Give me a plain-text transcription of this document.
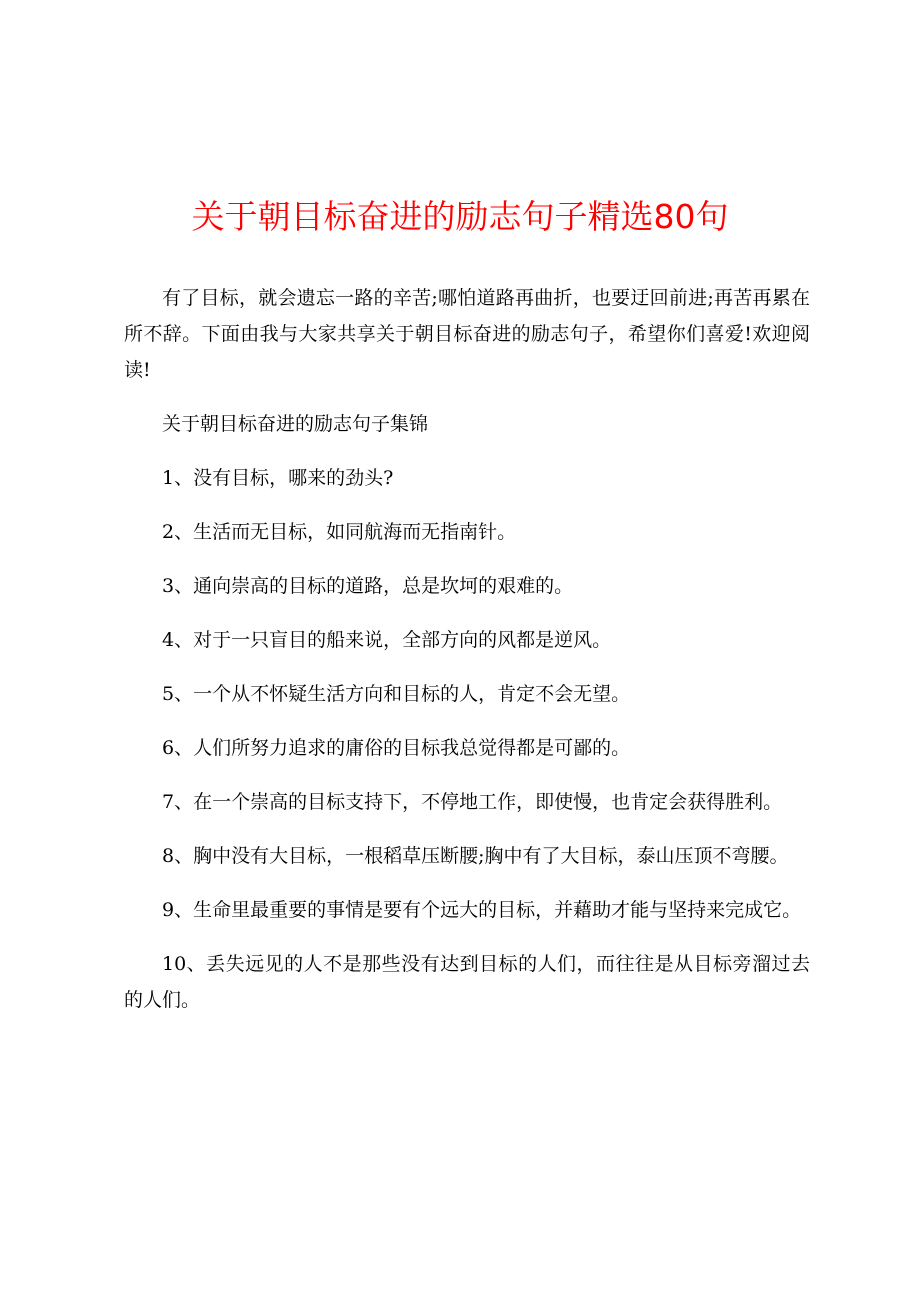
关于朝目标奋进的励志句子精选80句

有了目标，就会遗忘一路的辛苦;哪怕道路再曲折，也要迂回前进;再苦再累在所不辞。下面由我与大家共享关于朝目标奋进的励志句子，希望你们喜爱!欢迎阅读!

关于朝目标奋进的励志句子集锦

1、没有目标，哪来的劲头?

2、生活而无目标，如同航海而无指南针。

3、通向崇高的目标的道路，总是坎坷的艰难的。

4、对于一只盲目的船来说，全部方向的风都是逆风。

5、一个从不怀疑生活方向和目标的人，肯定不会无望。

6、人们所努力追求的庸俗的目标我总觉得都是可鄙的。

7、在一个崇高的目标支持下，不停地工作，即使慢，也肯定会获得胜利。

8、胸中没有大目标，一根稻草压断腰;胸中有了大目标，泰山压顶不弯腰。

9、生命里最重要的事情是要有个远大的目标，并藉助才能与坚持来完成它。

10、丢失远见的人不是那些没有达到目标的人们，而往往是从目标旁溜过去的人们。
